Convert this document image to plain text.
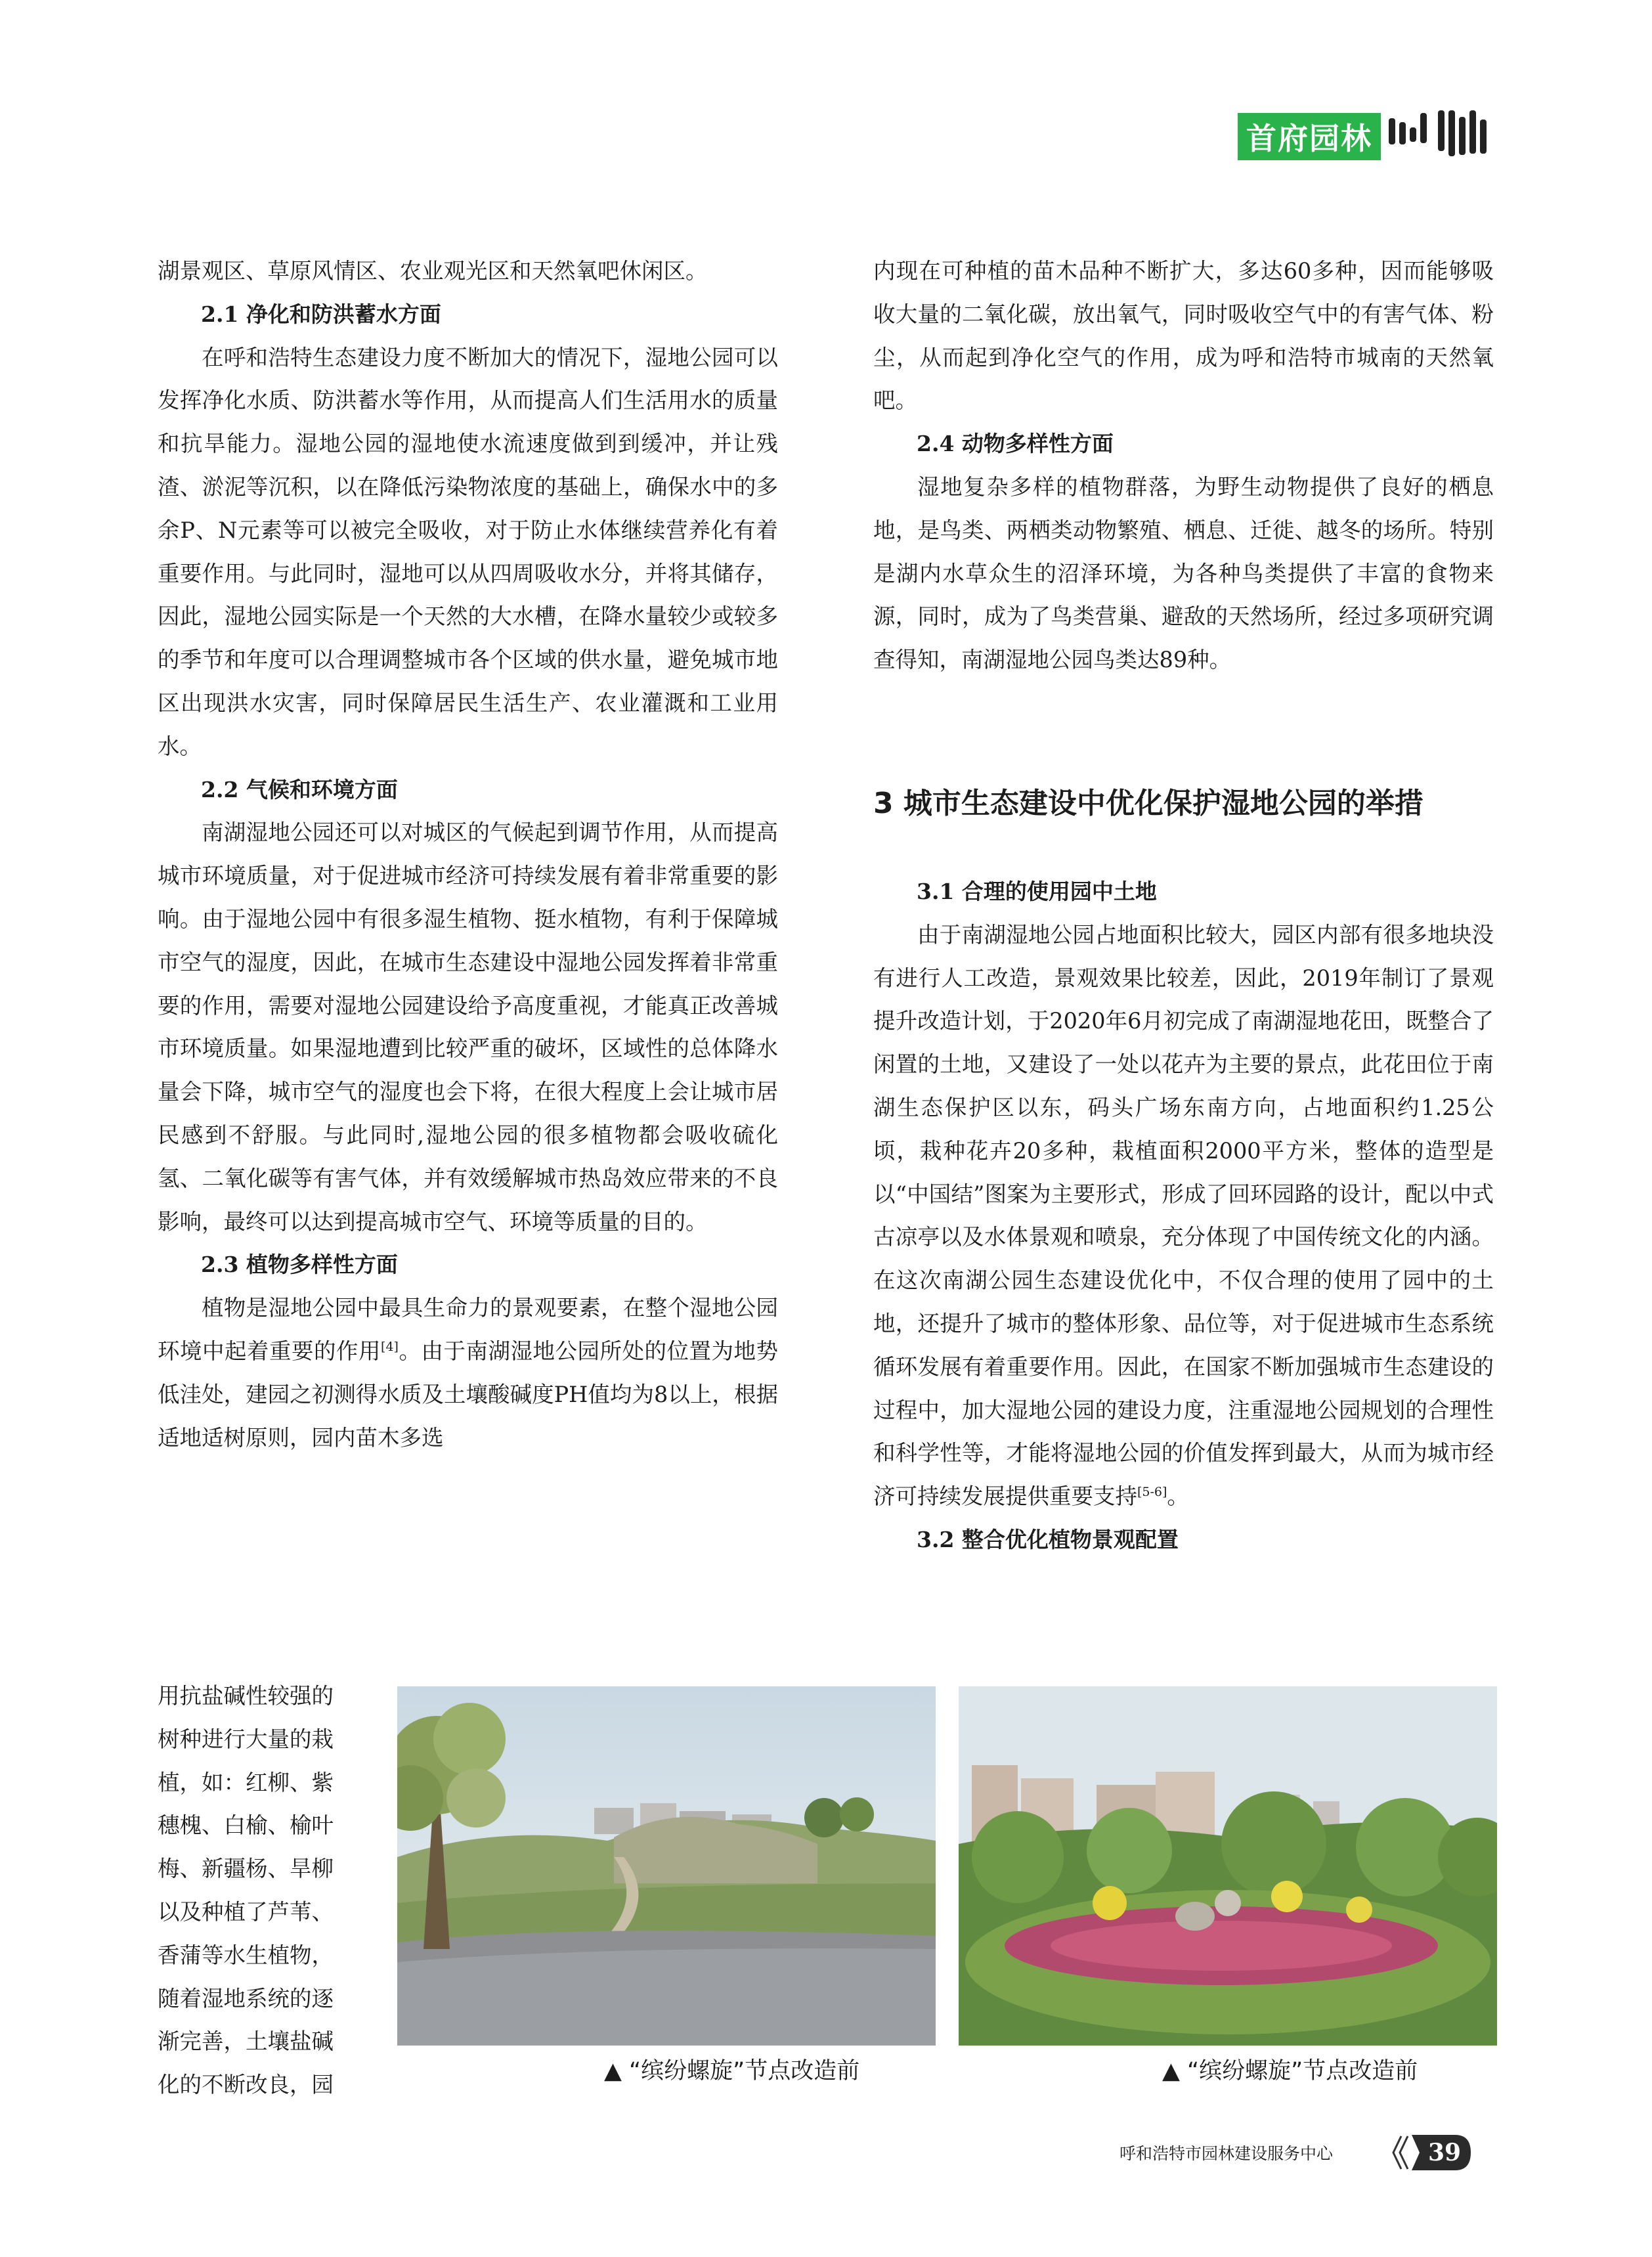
首府园林

湖景观区、草原风情区、农业观光区和天然氧吧休闲区。

2.1 净化和防洪蓄水方面

在呼和浩特生态建设力度不断加大的情况下，湿地公园可以发挥净化水质、防洪蓄水等作用，从而提高人们生活用水的质量和抗旱能力。湿地公园的湿地使水流速度做到到缓冲，并让残渣、淤泥等沉积，以在降低污染物浓度的基础上，确保水中的多余P、N元素等可以被完全吸收，对于防止水体继续营养化有着重要作用。与此同时，湿地可以从四周吸收水分，并将其储存，因此，湿地公园实际是一个天然的大水槽，在降水量较少或较多的季节和年度可以合理调整城市各个区域的供水量，避免城市地区出现洪水灾害，同时保障居民生活生产、农业灌溉和工业用水。

2.2 气候和环境方面

南湖湿地公园还可以对城区的气候起到调节作用，从而提高城市环境质量，对于促进城市经济可持续发展有着非常重要的影响。由于湿地公园中有很多湿生植物、挺水植物，有利于保障城市空气的湿度，因此，在城市生态建设中湿地公园发挥着非常重要的作用，需要对湿地公园建设给予高度重视，才能真正改善城市环境质量。如果湿地遭到比较严重的破坏，区域性的总体降水量会下降，城市空气的湿度也会下将，在很大程度上会让城市居民感到不舒服。与此同时,湿地公园的很多植物都会吸收硫化氢、二氧化碳等有害气体，并有效缓解城市热岛效应带来的不良影响，最终可以达到提高城市空气、环境等质量的目的。

2.3 植物多样性方面

植物是湿地公园中最具生命力的景观要素，在整个湿地公园环境中起着重要的作用[4]。由于南湖湿地公园所处的位置为地势低洼处，建园之初测得水质及土壤酸碱度PH值均为8以上，根据适地适树原则，园内苗木多选

用抗盐碱性较强的
树种进行大量的栽
植，如：红柳、紫
穗槐、白榆、榆叶
梅、新疆杨、旱柳
以及种植了芦苇、
香蒲等水生植物，
随着湿地系统的逐
渐完善，土壤盐碱
化的不断改良，园

内现在可种植的苗木品种不断扩大，多达60多种，因而能够吸收大量的二氧化碳，放出氧气，同时吸收空气中的有害气体、粉尘，从而起到净化空气的作用，成为呼和浩特市城南的天然氧吧。

2.4 动物多样性方面

湿地复杂多样的植物群落，为野生动物提供了良好的栖息地，是鸟类、两栖类动物繁殖、栖息、迁徙、越冬的场所。特别是湖内水草众生的沼泽环境，为各种鸟类提供了丰富的食物来源，同时，成为了鸟类营巢、避敌的天然场所，经过多项研究调查得知，南湖湿地公园鸟类达89种。

3 城市生态建设中优化保护湿地公园的举措
3.1 合理的使用园中土地

由于南湖湿地公园占地面积比较大，园区内部有很多地块没有进行人工改造，景观效果比较差，因此，2019年制订了景观提升改造计划，于2020年6月初完成了南湖湿地花田，既整合了闲置的土地，又建设了一处以花卉为主要的景点，此花田位于南湖生态保护区以东，码头广场东南方向，占地面积约1.25公顷，栽种花卉20多种，栽植面积2000平方米，整体的造型是以“中国结”图案为主要形式，形成了回环园路的设计，配以中式古凉亭以及水体景观和喷泉，充分体现了中国传统文化的内涵。在这次南湖公园生态建设优化中，不仅合理的使用了园中的土地，还提升了城市的整体形象、品位等，对于促进城市生态系统循环发展有着重要作用。因此，在国家不断加强城市生态建设的过程中，加大湿地公园的建设力度，注重湿地公园规划的合理性和科学性等，才能将湿地公园的价值发挥到最大，从而为城市经济可持续发展提供重要支持[5-6]。

3.2 整合优化植物景观配置
▲ “缤纷螺旋”节点改造前	▲ “缤纷螺旋”节点改造前
呼和浩特市园林建设服务中心	39
